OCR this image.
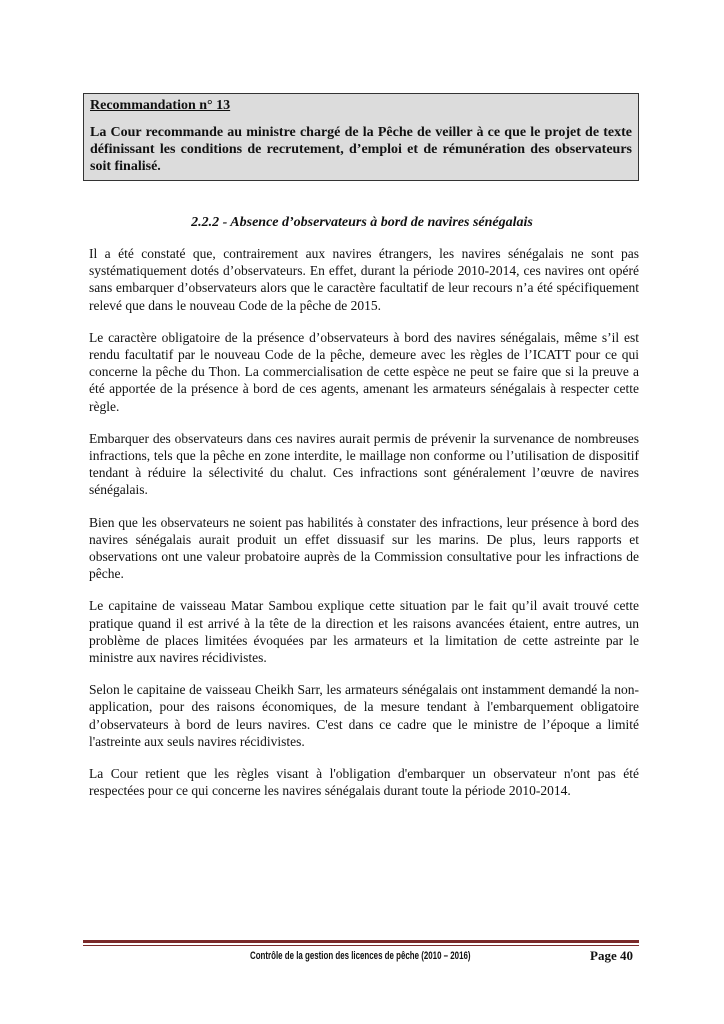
Recommandation n° 13

La Cour recommande au ministre chargé de la Pêche de veiller à ce que le projet de texte définissant les conditions de recrutement, d’emploi et de rémunération des observateurs soit finalisé.

2.2.2 - Absence d’observateurs à bord de navires sénégalais

Il a été constaté que, contrairement aux navires étrangers, les navires sénégalais ne sont pas systématiquement dotés d’observateurs. En effet, durant la période 2010-2014, ces navires ont opéré sans embarquer d’observateurs alors que le caractère facultatif de leur recours n’a été spécifiquement relevé que dans le nouveau Code de la pêche de 2015.

Le caractère obligatoire de la présence d’observateurs à bord des navires sénégalais, même s’il est rendu facultatif par le nouveau Code de la pêche, demeure avec les règles de l’ICATT pour ce qui concerne la pêche du Thon. La commercialisation de cette espèce ne peut se faire que si la preuve a été apportée de la présence à bord de ces agents, amenant les armateurs sénégalais à respecter cette règle.

Embarquer des observateurs dans ces navires aurait permis de prévenir la survenance de nombreuses infractions, tels que la pêche en zone interdite, le maillage non conforme ou l’utilisation de dispositif tendant à réduire la sélectivité du chalut. Ces infractions sont généralement l’œuvre de navires sénégalais.

Bien que les observateurs ne soient pas habilités à constater des infractions, leur présence à bord des navires sénégalais aurait produit un effet dissuasif sur les marins. De plus, leurs rapports et observations ont une valeur probatoire auprès de la Commission consultative pour les infractions de pêche.

Le capitaine de vaisseau Matar Sambou explique cette situation par le fait qu’il avait trouvé cette pratique quand il est arrivé à la tête de la direction et les raisons avancées étaient, entre autres, un problème de places limitées évoquées par les armateurs et la limitation de cette astreinte par le ministre aux navires récidivistes.

Selon le capitaine de vaisseau Cheikh Sarr, les armateurs sénégalais ont instamment demandé la non-application, pour des raisons économiques, de la mesure tendant à l'embarquement obligatoire d’observateurs à bord de leurs navires. C'est dans ce cadre que le ministre de l’époque a limité l'astreinte aux seuls navires récidivistes.

La Cour retient que les règles visant à l'obligation d'embarquer un observateur n'ont pas été respectées pour ce qui concerne les navires sénégalais durant toute la période 2010-2014.

Contrôle de la gestion des licences de pêche (2010 – 2016)	Page 40
